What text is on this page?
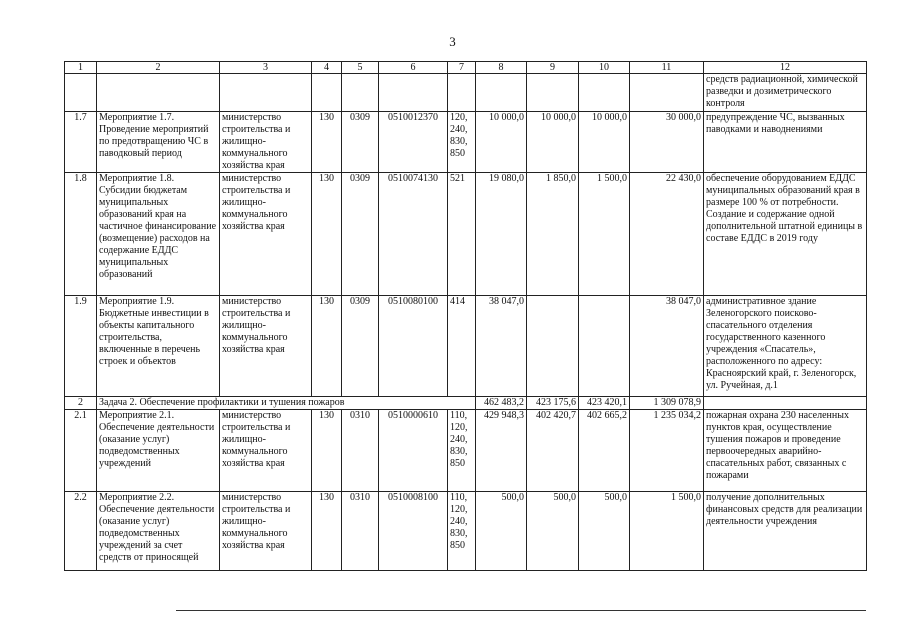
3
1	2	3	4	5	6	7	8	9	10	11	12
											средств радиационной, химической разведки и дозиметрического контроля
1.7	Мероприятие 1.7. Проведение мероприятий по предотвращению ЧС в паводковый период	министерство строительства и жилищно-коммунального хозяйства края	130	0309	0510012370	120, 240, 830, 850	10 000,0	10 000,0	10 000,0	30 000,0	предупреждение ЧС, вызванных паводками и наводнениями
1.8	Мероприятие 1.8. Субсидии бюджетам муниципальных образований края на частичное финансирование (возмещение) расходов на содержание ЕДДС муниципальных образований	министерство строительства и жилищно-коммунального хозяйства края	130	0309	0510074130	521	19 080,0	1 850,0	1 500,0	22 430,0	обеспечение оборудованием ЕДДС муниципальных образований края в размере 100 % от потребности. Создание и содержание одной дополнительной штатной единицы в составе ЕДДС в 2019 году
1.9	Мероприятие 1.9. Бюджетные инвестиции в объекты капитального строительства, включенные в перечень строек и объектов	министерство строительства и жилищно-коммунального хозяйства края	130	0309	0510080100	414	38 047,0			38 047,0	административное здание Зеленогорского поисково-спасательного отделения государственного казенного учреждения «Спасатель», расположенного по адресу: Красноярский край, г. Зеленогорск, ул. Ручейная, д.1
2	Задача 2. Обеспечение профилактики и тушения пожаров						462 483,2	423 175,6	423 420,1	1 309 078,9	
2.1	Мероприятие 2.1. Обеспечение деятельности (оказание услуг) подведомственных учреждений	министерство строительства и жилищно-коммунального хозяйства края	130	0310	0510000610	110, 120, 240, 830, 850	429 948,3	402 420,7	402 665,2	1 235 034,2	пожарная охрана 230 населенных пунктов края, осуществление тушения пожаров и проведение первоочередных аварийно-спасательных работ, связанных с пожарами
2.2	Мероприятие 2.2. Обеспечение деятельности (оказание услуг) подведомственных учреждений за счет средств от приносящей	министерство строительства и жилищно-коммунального хозяйства края	130	0310	0510008100	110, 120, 240, 830, 850	500,0	500,0	500,0	1 500,0	получение дополнительных финансовых средств для реализации деятельности учреждения
